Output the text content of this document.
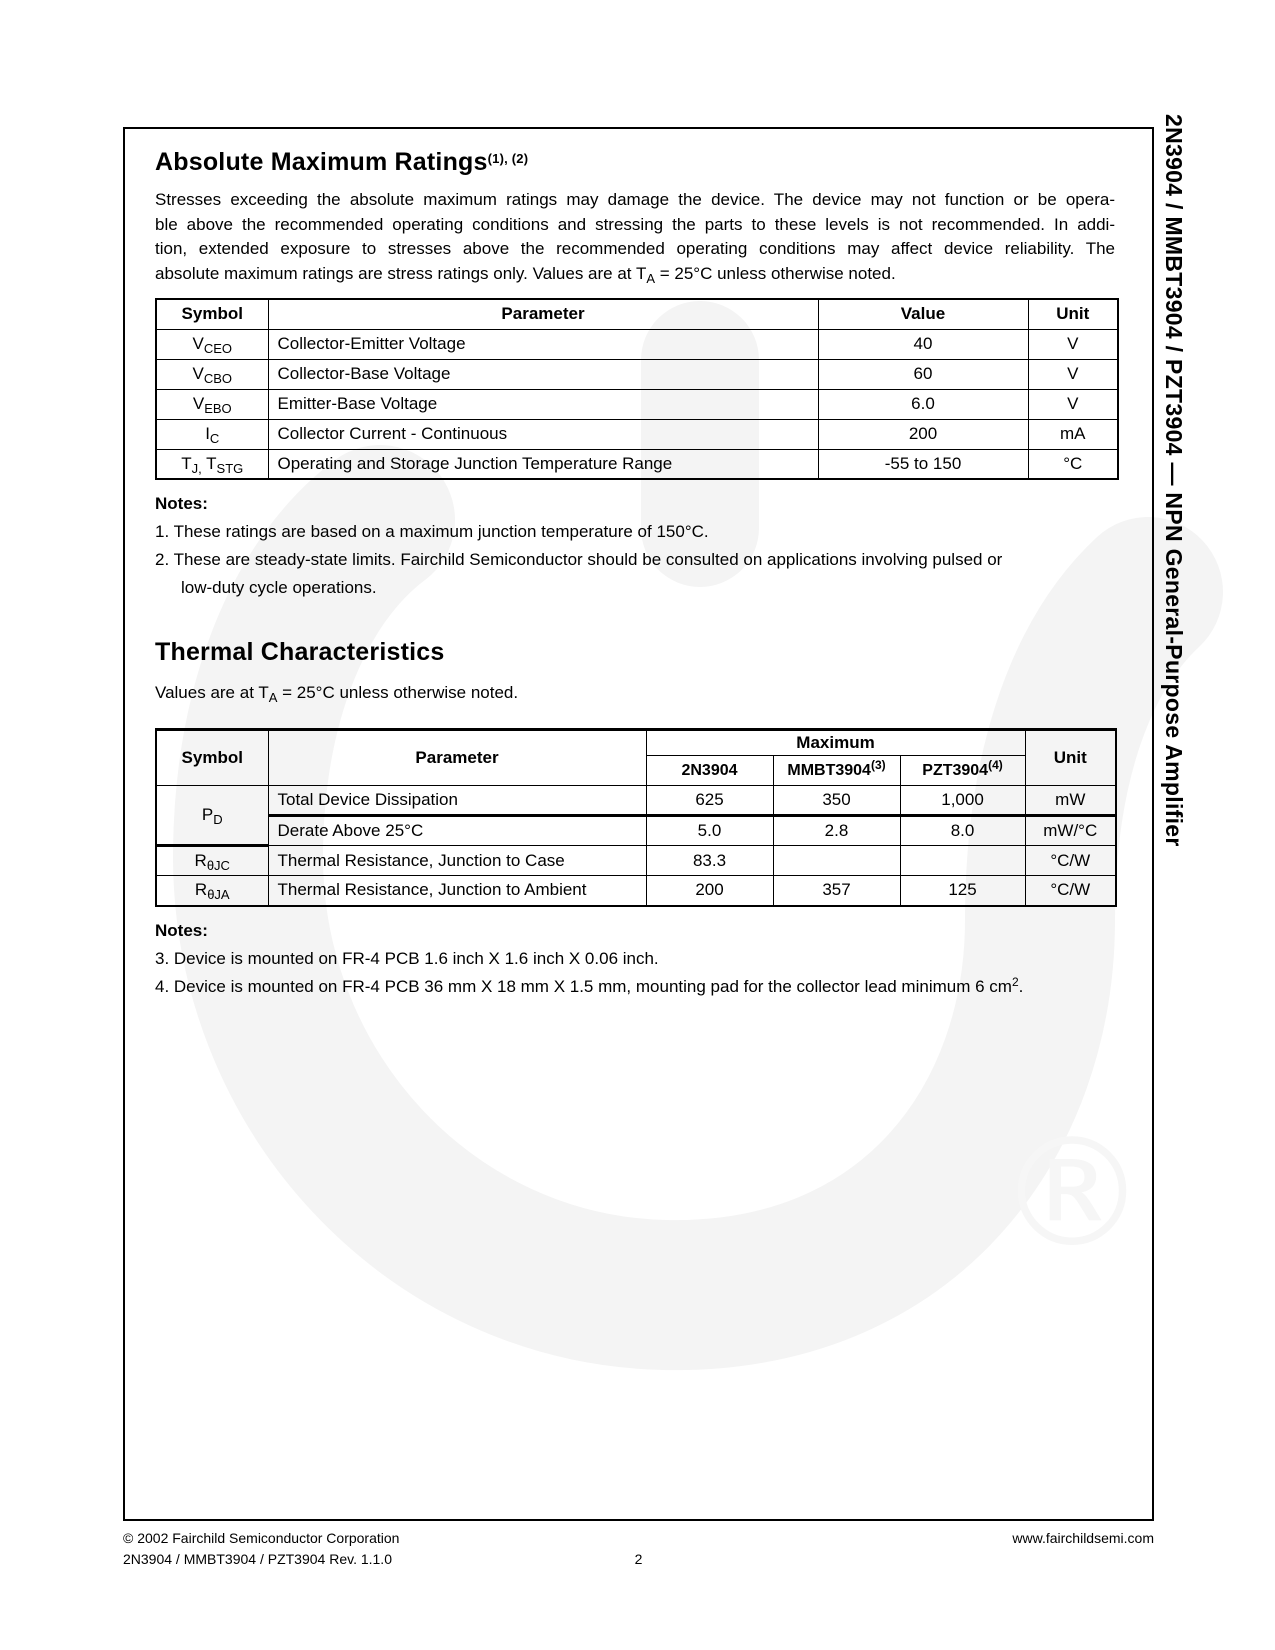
®
Absolute Maximum Ratings$^{(1), (2)}$
Stresses exceeding the absolute maximum ratings may damage the device. The device may not function or be opera-
ble above the recommended operating conditions and stressing the parts to these levels is not recommended. In addi-
tion, extended exposure to stresses above the recommended operating conditions may affect device reliability. The
absolute maximum ratings are stress ratings only. Values are at $T_A = 25^\circ C$ unless otherwise noted.
Symbol	Parameter	Value	Unit
$V_{CEO}$	Collector-Emitter Voltage	40	V
$V_{CBO}$	Collector-Base Voltage	60	V
$V_{EBO}$	Emitter-Base Voltage	6.0	V
$I_C$	Collector Current - Continuous	200	mA
$T_{J,}$ $T_{STG}$	Operating and Storage Junction Temperature Range	-55 to 150	°C
Notes:
1. These ratings are based on a maximum junction temperature of 150°C.
2. These are steady-state limits. Fairchild Semiconductor should be consulted on applications involving pulsed or
low-duty cycle operations.
Thermal Characteristics
Values are at $T_A = 25^\circ C$ unless otherwise noted.
Symbol	Parameter	Maximum			Unit
		2N3904	MMBT3904$^{(3)}$	PZT3904$^{(4)}$
$P_D$	Total Device Dissipation	625	350	1,000	mW
	Derate Above 25°C	5.0	2.8	8.0	mW/°C
$R_{\theta JC}$	Thermal Resistance, Junction to Case	83.3			°C/W
$R_{\theta JA}$	Thermal Resistance, Junction to Ambient	200	357	125	°C/W
Notes:
3. Device is mounted on FR-4 PCB 1.6 inch X 1.6 inch X 0.06 inch.
4. Device is mounted on FR-4 PCB 36 mm X 18 mm X 1.5 mm, mounting pad for the collector lead minimum 6 $cm^2$.
2N3904 / MMBT3904 / PZT3904 — NPN General-Purpose Amplifier
© 2002 Fairchild Semiconductor Corporation	www.fairchildsemi.com
2N3904 / MMBT3904 / PZT3904 Rev. 1.1.0	2
